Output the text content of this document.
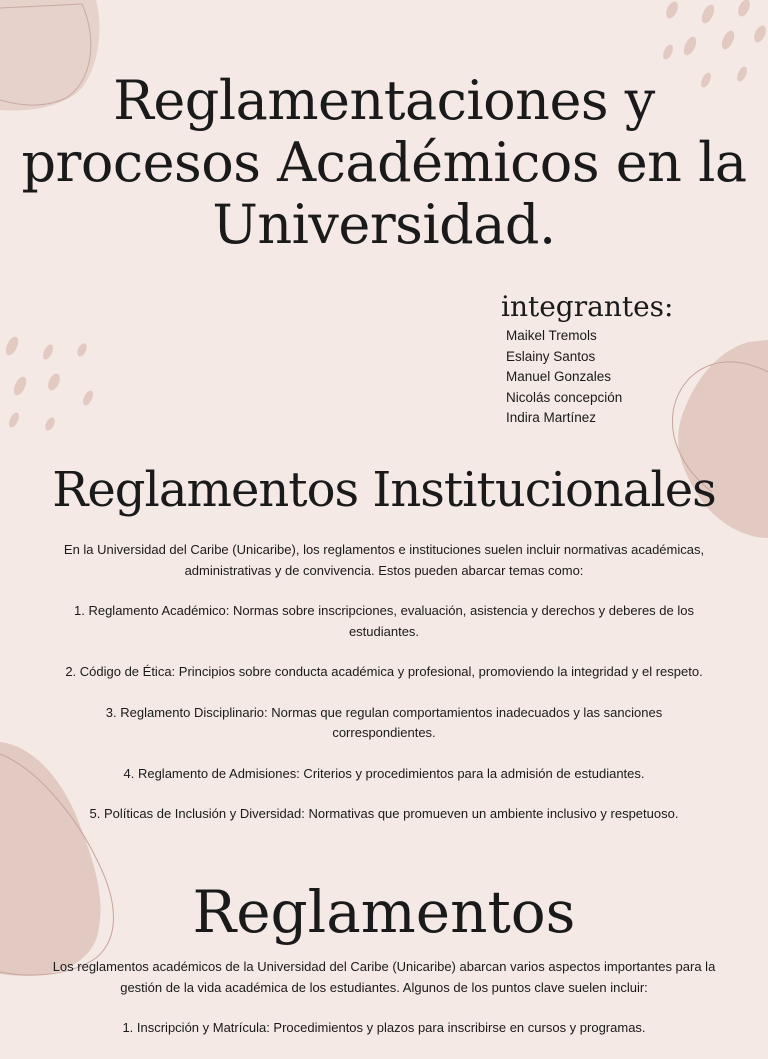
Reglamentaciones y procesos Académicos en la Universidad.
integrantes:
Maikel Tremols
Eslainy Santos
Manuel Gonzales
Nicolás concepción
Indira Martínez
Reglamentos Institucionales

En la Universidad del Caribe (Unicaribe), los reglamentos e instituciones suelen incluir normativas académicas, administrativas y de convivencia. Estos pueden abarcar temas como:

1. Reglamento Académico: Normas sobre inscripciones, evaluación, asistencia y derechos y deberes de los estudiantes.

2. Código de Ética: Principios sobre conducta académica y profesional, promoviendo la integridad y el respeto.

3. Reglamento Disciplinario: Normas que regulan comportamientos inadecuados y las sanciones correspondientes.

4. Reglamento de Admisiones: Criterios y procedimientos para la admisión de estudiantes.

5. Políticas de Inclusión y Diversidad: Normativas que promueven un ambiente inclusivo y respetuoso.

Reglamentos

Los reglamentos académicos de la Universidad del Caribe (Unicaribe) abarcan varios aspectos importantes para la gestión de la vida académica de los estudiantes. Algunos de los puntos clave suelen incluir:

1. Inscripción y Matrícula: Procedimientos y plazos para inscribirse en cursos y programas.
